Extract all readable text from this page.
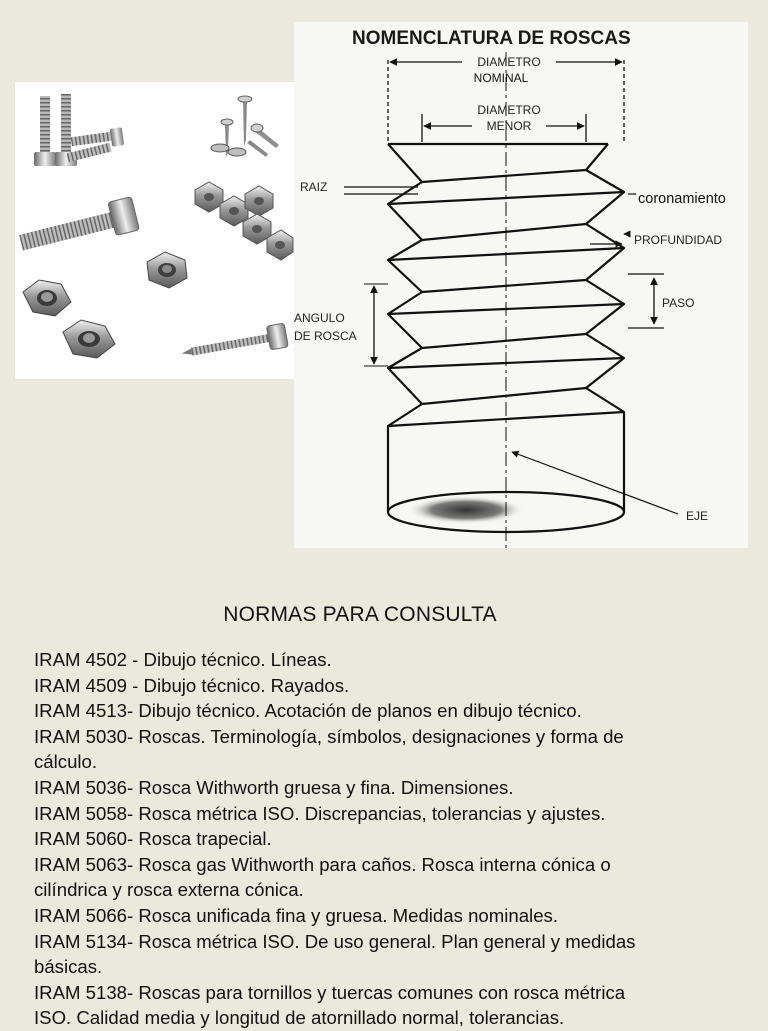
NOMENCLATURA DE ROSCAS
DIAMETRO
NOMINAL
DIAMETRO
MENOR
RAIZ
coronamiento
PROFUNDIDAD
PASO
ANGULO
DE ROSCA
EJE
NORMAS PARA CONSULTA
IRAM 4502 - Dibujo técnico. Líneas.
IRAM 4509 - Dibujo técnico. Rayados.
IRAM 4513- Dibujo técnico. Acotación de planos en dibujo técnico.
IRAM 5030- Roscas. Terminología, símbolos, designaciones y forma de
cálculo.
IRAM 5036- Rosca Withworth gruesa y fina. Dimensiones.
IRAM 5058- Rosca métrica ISO. Discrepancias, tolerancias y ajustes.
IRAM 5060- Rosca trapecial.
IRAM 5063- Rosca gas Withworth para caños. Rosca interna cónica o
cilíndrica y rosca externa cónica.
IRAM 5066- Rosca unificada fina y gruesa. Medidas nominales.
IRAM 5134- Rosca métrica ISO. De uso general. Plan general y medidas
básicas.
IRAM 5138- Roscas para tornillos y tuercas comunes con rosca métrica
ISO. Calidad media y longitud de atornillado normal, tolerancias.
